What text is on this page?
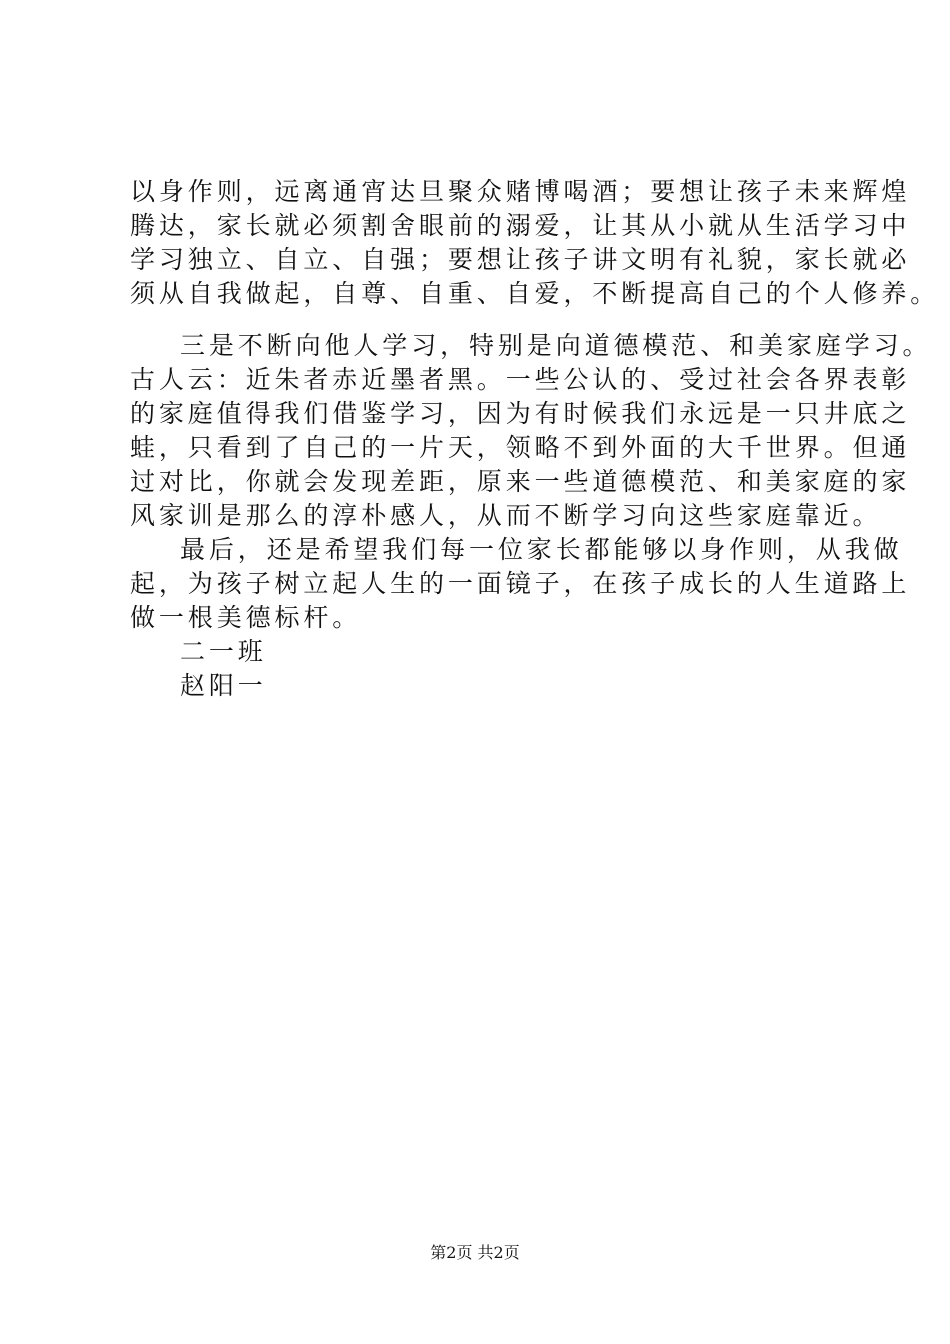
以身作则，远离通宵达旦聚众赌博喝酒；要想让孩子未来辉煌
腾达，家长就必须割舍眼前的溺爱，让其从小就从生活学习中
学习独立、自立、自强；要想让孩子讲文明有礼貌，家长就必
须从自我做起，自尊、自重、自爱，不断提高自己的个人修养。
三是不断向他人学习，特别是向道德模范、和美家庭学习。
古人云：近朱者赤近墨者黑。一些公认的、受过社会各界表彰
的家庭值得我们借鉴学习，因为有时候我们永远是一只井底之
蛙，只看到了自己的一片天，领略不到外面的大千世界。但通
过对比，你就会发现差距，原来一些道德模范、和美家庭的家
风家训是那么的淳朴感人，从而不断学习向这些家庭靠近。
最后，还是希望我们每一位家长都能够以身作则，从我做
起，为孩子树立起人生的一面镜子，在孩子成长的人生道路上
做一根美德标杆。
二一班
赵阳一
第2页 共2页
